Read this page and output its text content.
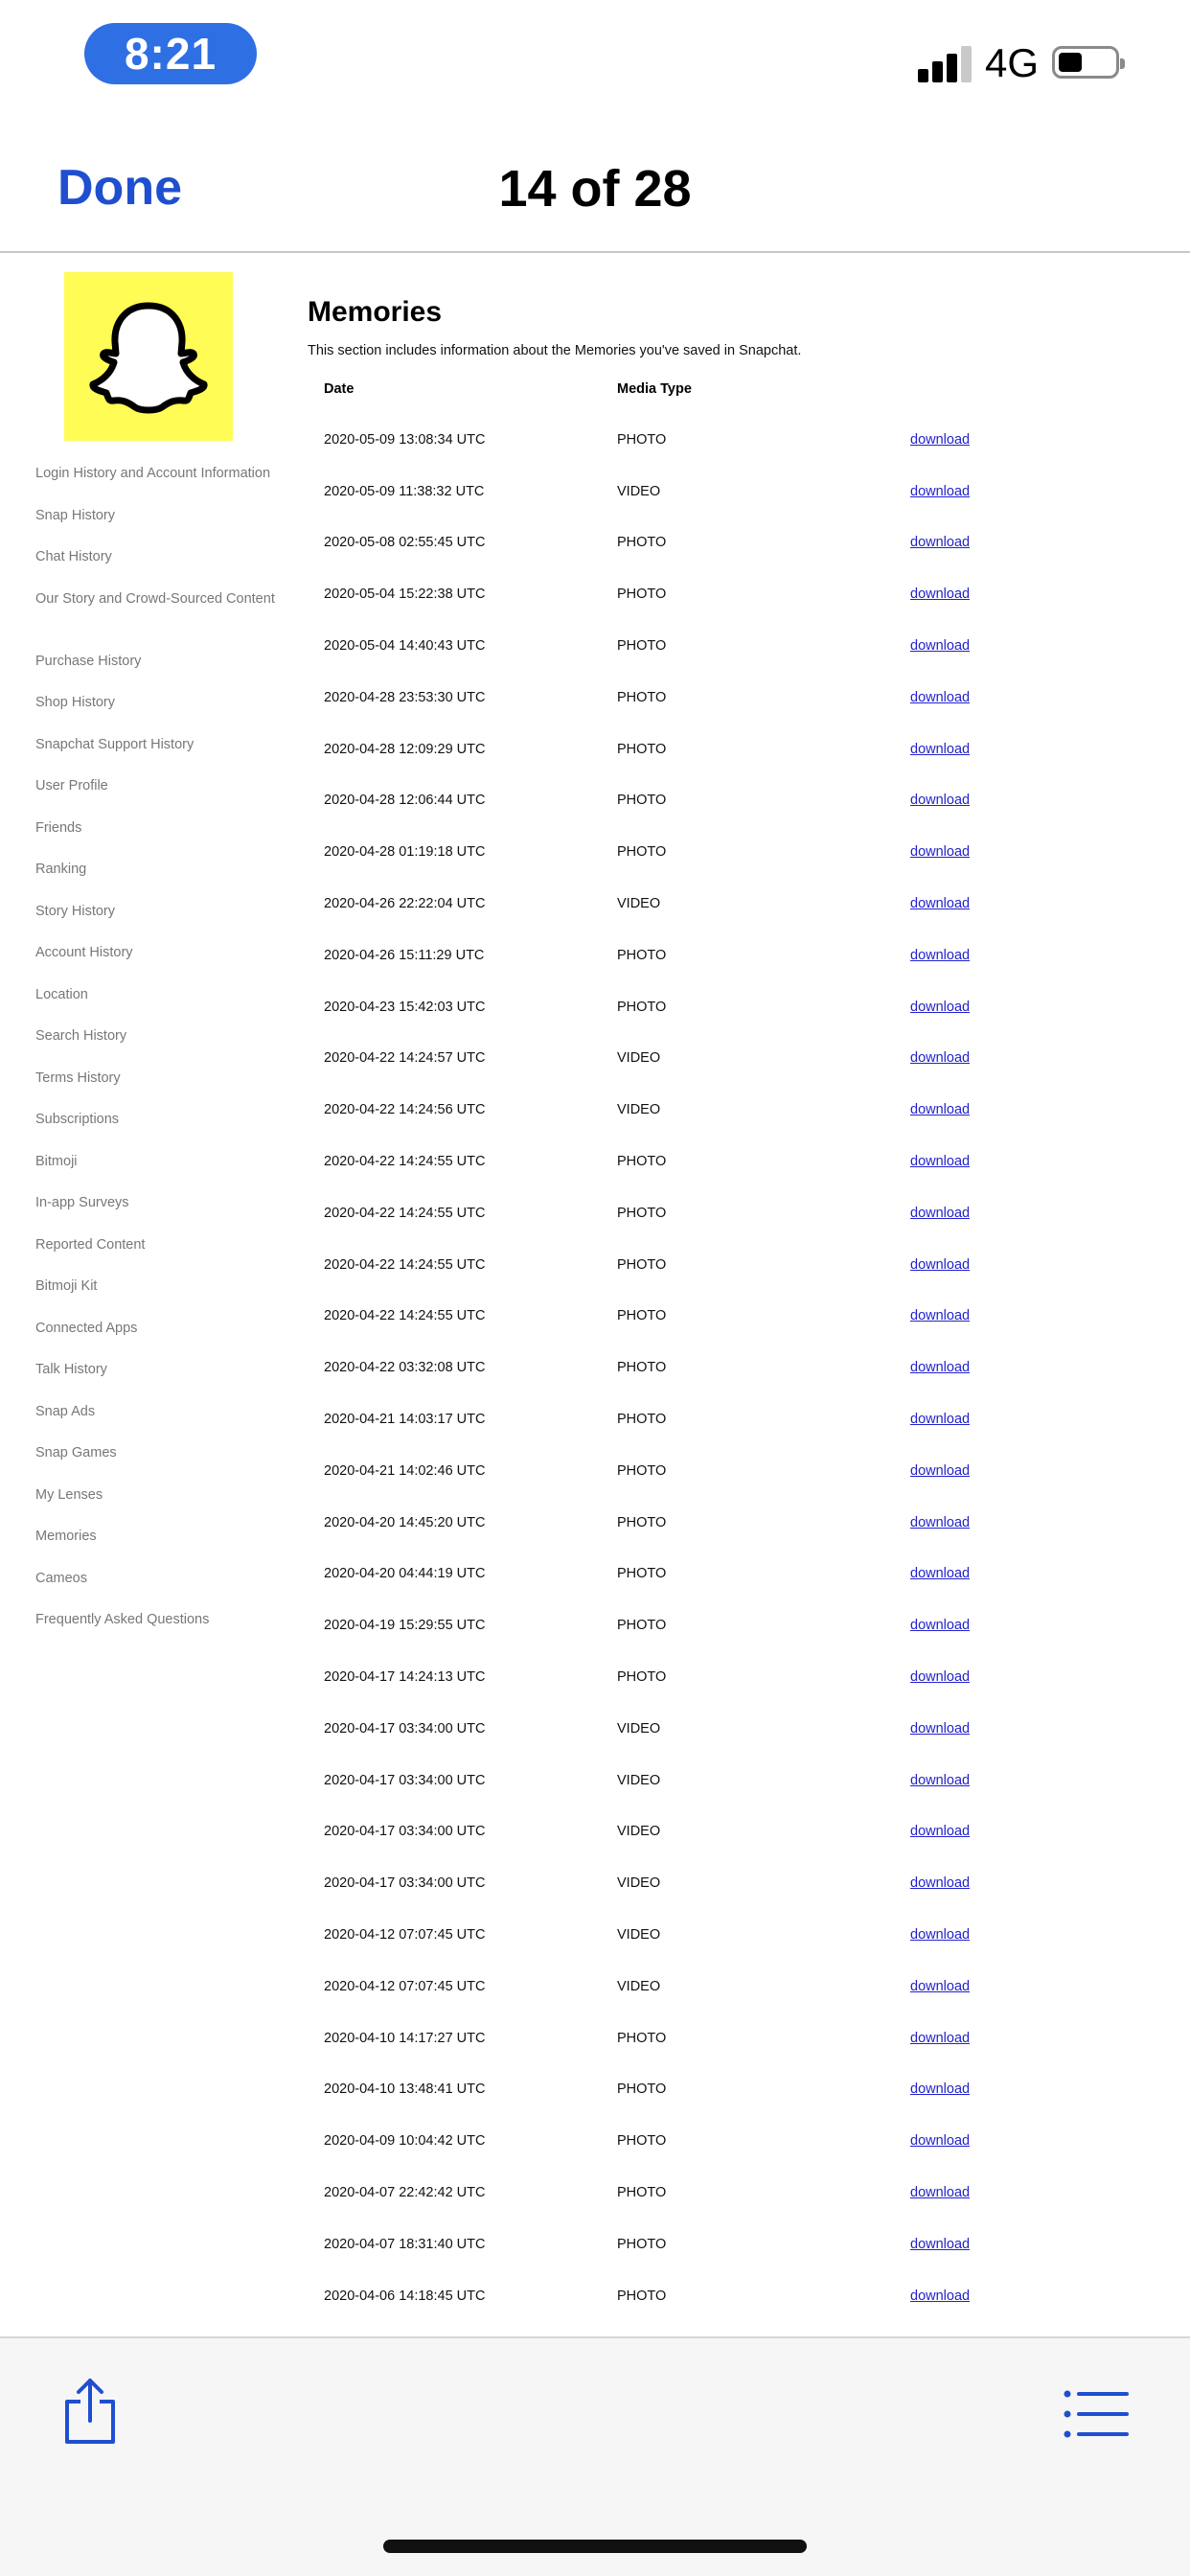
8:21	4G
14 of 28
Done
Login History and Account Information
Snap History
Chat History
Our Story and Crowd-Sourced Content
Purchase History
Shop History
Snapchat Support History
User Profile
Friends
Ranking
Story History
Account History
Location
Search History
Terms History
Subscriptions
Bitmoji
In-app Surveys
Reported Content
Bitmoji Kit
Connected Apps
Talk History
Snap Ads
Snap Games
My Lenses
Memories
Cameos
Frequently Asked Questions
Memories

This section includes information about the Memories you've saved in Snapchat.

Date	Media Type	
2020-05-09 13:08:34 UTC	PHOTO	download
2020-05-09 11:38:32 UTC	VIDEO	download
2020-05-08 02:55:45 UTC	PHOTO	download
2020-05-04 15:22:38 UTC	PHOTO	download
2020-05-04 14:40:43 UTC	PHOTO	download
2020-04-28 23:53:30 UTC	PHOTO	download
2020-04-28 12:09:29 UTC	PHOTO	download
2020-04-28 12:06:44 UTC	PHOTO	download
2020-04-28 01:19:18 UTC	PHOTO	download
2020-04-26 22:22:04 UTC	VIDEO	download
2020-04-26 15:11:29 UTC	PHOTO	download
2020-04-23 15:42:03 UTC	PHOTO	download
2020-04-22 14:24:57 UTC	VIDEO	download
2020-04-22 14:24:56 UTC	VIDEO	download
2020-04-22 14:24:55 UTC	PHOTO	download
2020-04-22 14:24:55 UTC	PHOTO	download
2020-04-22 14:24:55 UTC	PHOTO	download
2020-04-22 14:24:55 UTC	PHOTO	download
2020-04-22 03:32:08 UTC	PHOTO	download
2020-04-21 14:03:17 UTC	PHOTO	download
2020-04-21 14:02:46 UTC	PHOTO	download
2020-04-20 14:45:20 UTC	PHOTO	download
2020-04-20 04:44:19 UTC	PHOTO	download
2020-04-19 15:29:55 UTC	PHOTO	download
2020-04-17 14:24:13 UTC	PHOTO	download
2020-04-17 03:34:00 UTC	VIDEO	download
2020-04-17 03:34:00 UTC	VIDEO	download
2020-04-17 03:34:00 UTC	VIDEO	download
2020-04-17 03:34:00 UTC	VIDEO	download
2020-04-12 07:07:45 UTC	VIDEO	download
2020-04-12 07:07:45 UTC	VIDEO	download
2020-04-10 14:17:27 UTC	PHOTO	download
2020-04-10 13:48:41 UTC	PHOTO	download
2020-04-09 10:04:42 UTC	PHOTO	download
2020-04-07 22:42:42 UTC	PHOTO	download
2020-04-07 18:31:40 UTC	PHOTO	download
2020-04-06 14:18:45 UTC	PHOTO	download
